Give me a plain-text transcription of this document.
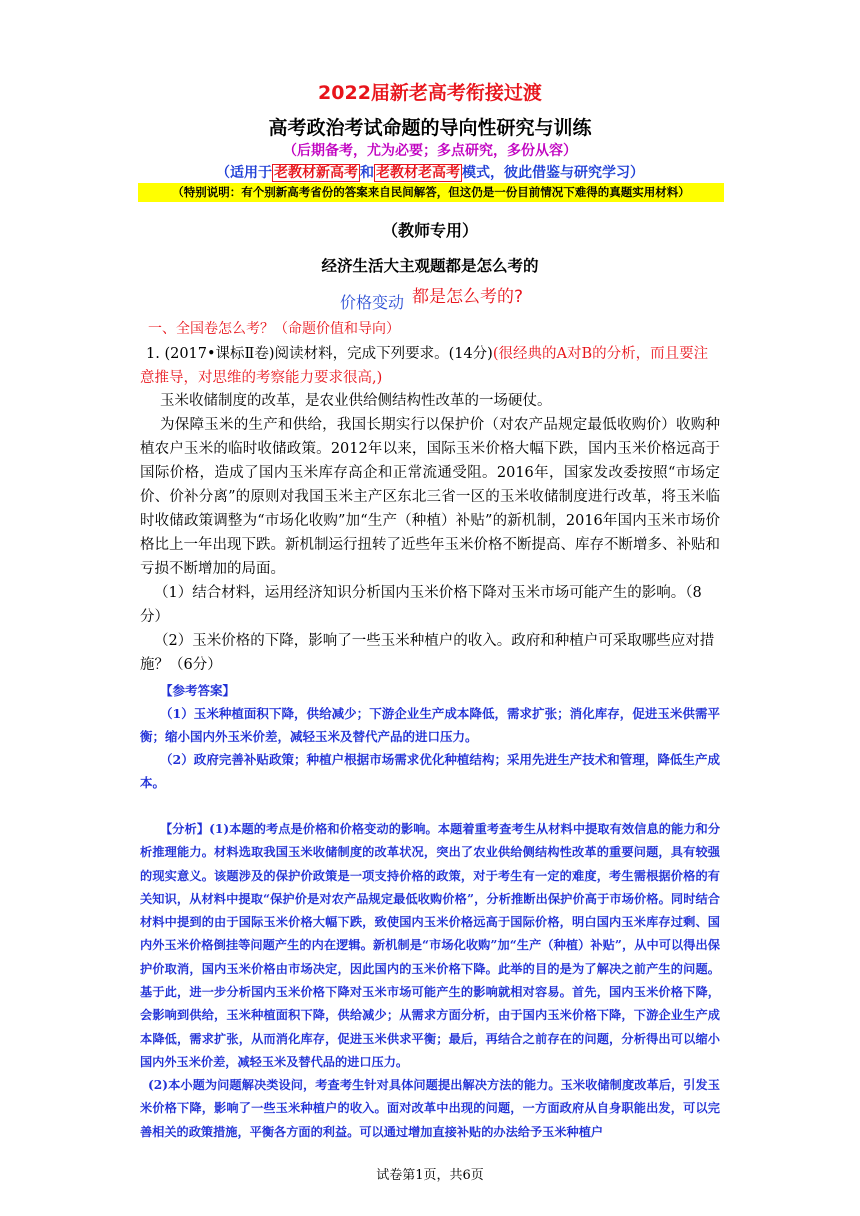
2022届新老高考衔接过渡
高考政治考试命题的导向性研究与训练
（后期备考，尤为必要；多点研究，多份从容）
（适用于 老教材新高考 和 老教材老高考 模式，彼此借鉴与研究学习）
（特别说明：有个别新高考省份的答案来自民间解答，但这仍是一份目前情况下难得的真题实用材料）
（教师专用）
经济生活大主观题都是怎么考的
价格变动 都是怎么考的?
一、全国卷怎么考？（命题价值和导向）
1. (2017•课标Ⅱ卷)阅读材料，完成下列要求。(14分)(很经典的A对B的分析，而且要注意推导，对思维的考察能力要求很高,)
玉米收储制度的改革，是农业供给侧结构性改革的一场硬仗。
为保障玉米的生产和供给，我国长期实行以保护价（对农产品规定最低收购价）收购种植农户玉米的临时收储政策。2012年以来，国际玉米价格大幅下跌，国内玉米价格远高于国际价格，造成了国内玉米库存高企和正常流通受阻。2016年，国家发改委按照“市场定价、价补分离”的原则对我国玉米主产区东北三省一区的玉米收储制度进行改革，将玉米临时收储政策调整为“市场化收购”加“生产（种植）补贴”的新机制，2016年国内玉米市场价格比上一年出现下跌。新机制运行扭转了近些年玉米价格不断提高、库存不断增多、补贴和亏损不断增加的局面。
（1）结合材料，运用经济知识分析国内玉米价格下降对玉米市场可能产生的影响。（8分）
（2）玉米价格的下降，影响了一些玉米种植户的收入。政府和种植户可采取哪些应对措施？（6分）
【参考答案】
（1）玉米种植面积下降，供给减少；下游企业生产成本降低，需求扩张；消化库存，促进玉米供需平衡；缩小国内外玉米价差，减轻玉米及替代产品的进口压力。
（2）政府完善补贴政策；种植户根据市场需求优化种植结构；采用先进生产技术和管理，降低生产成本。
【分析】(1)本题的考点是价格和价格变动的影响。本题着重考查考生从材料中提取有效信息的能力和分析推理能力。材料选取我国玉米收储制度的改革状况，突出了农业供给侧结构性改革的重要问题，具有较强的现实意义。该题涉及的保护价政策是一项支持价格的政策，对于考生有一定的难度，考生需根据价格的有关知识，从材料中提取“保护价是对农产品规定最低收购价格”，分析推断出保护价高于市场价格。同时结合材料中提到的由于国际玉米价格大幅下跌，致使国内玉米价格远高于国际价格，明白国内玉米库存过剩、国内外玉米价格倒挂等问题产生的内在逻辑。新机制是“市场化收购”加“生产（种植）补贴”，从中可以得出保护价取消，国内玉米价格由市场决定，因此国内的玉米价格下降。此举的目的是为了解决之前产生的问题。基于此，进一步分析国内玉米价格下降对玉米市场可能产生的影响就相对容易。首先，国内玉米价格下降，会影响到供给，玉米种植面积下降，供给减少；从需求方面分析，由于国内玉米价格下降，下游企业生产成本降低，需求扩张，从而消化库存，促进玉米供求平衡；最后，再结合之前存在的问题，分析得出可以缩小国内外玉米价差，减轻玉米及替代品的进口压力。
(2)本小题为问题解决类设问，考查考生针对具体问题提出解决方法的能力。玉米收储制度改革后，引发玉米价格下降，影响了一些玉米种植户的收入。面对改革中出现的问题，一方面政府从自身职能出发，可以完善相关的政策措施，平衡各方面的利益。可以通过增加直接补贴的办法给予玉米种植户
试卷第1页，共6页
